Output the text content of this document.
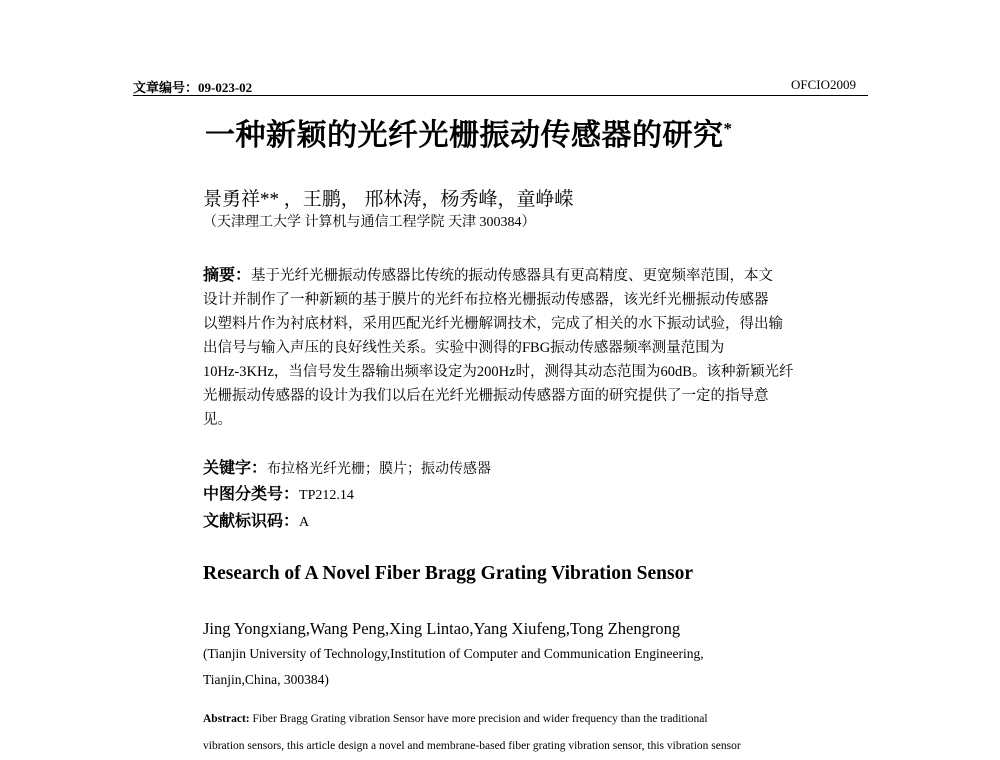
文章编号：09-023-02	OFCIO2009
一种新颖的光纤光栅振动传感器的研究*
景勇祥** ，王鹏， 邢林涛，杨秀峰，童峥嵘
（天津理工大学 计算机与通信工程学院 天津 300384）
摘要：基于光纤光栅振动传感器比传统的振动传感器具有更高精度、更宽频率范围，本文
设计并制作了一种新颖的基于膜片的光纤布拉格光栅振动传感器，该光纤光栅振动传感器
以塑料片作为衬底材料，采用匹配光纤光栅解调技术，完成了相关的水下振动试验，得出输
出信号与输入声压的良好线性关系。实验中测得的FBG振动传感器频率测量范围为
10Hz-3KHz，当信号发生器输出频率设定为200Hz时，测得其动态范围为60dB。该种新颖光纤
光栅振动传感器的设计为我们以后在光纤光栅振动传感器方面的研究提供了一定的指导意
见。
关键字：布拉格光纤光栅；膜片；振动传感器
中图分类号：TP212.14
文献标识码：A
Research of A Novel Fiber Bragg Grating Vibration Sensor
Jing Yongxiang,Wang Peng,Xing Lintao,Yang Xiufeng,Tong Zhengrong
(Tianjin University of Technology,Institution of Computer and Communication Engineering,
Tianjin,China, 300384)
Abstract: Fiber Bragg Grating vibration Sensor have more precision and wider frequency than the traditional
vibration sensors, this article design a novel and membrane-based fiber grating vibration sensor, this vibration sensor
